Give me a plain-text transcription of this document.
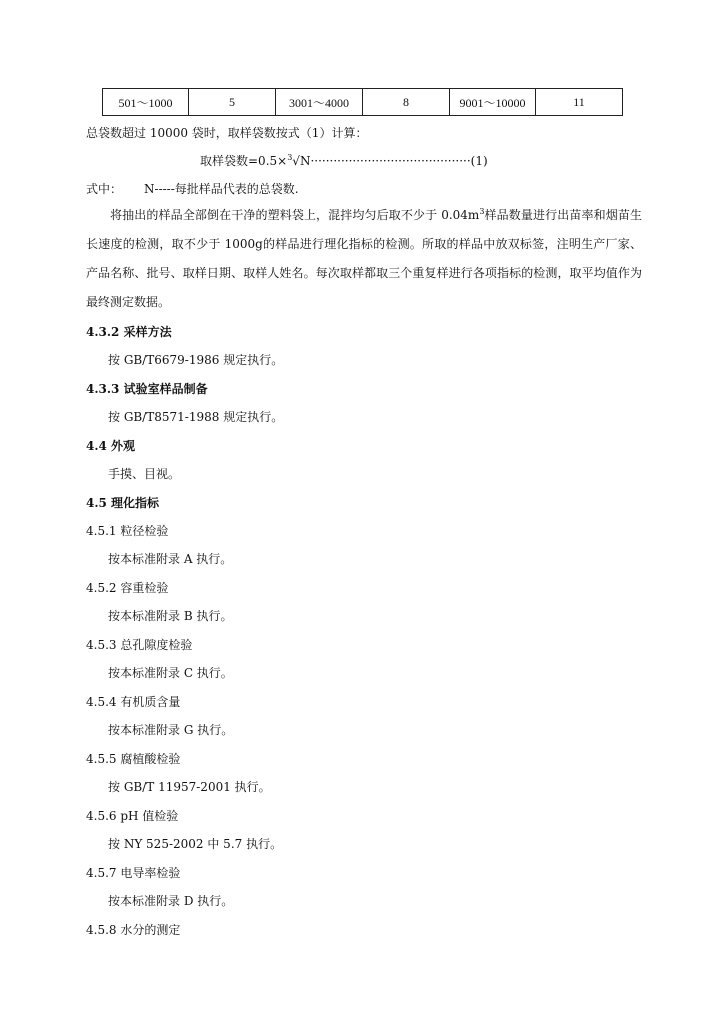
501～1000	5	3001～4000	8	9001～10000	11
总袋数超过 10000 袋时，取样袋数按式（1）计算：
取样袋数=0.5×$^3$√N··········································(1)
式中： N-----每批样品代表的总袋数.

将抽出的样品全部倒在干净的塑料袋上，混拌均匀后取不少于 $0.04m^3$样品数量进行出苗率和烟苗生长速度的检测，取不少于 1000g的样品进行理化指标的检测。所取的样品中放双标签，注明生产厂家、产品名称、批号、取样日期、取样人姓名。每次取样都取三个重复样进行各项指标的检测，取平均值作为最终测定数据。

4.3.2 采样方法
按 GB/T6679-1986 规定执行。
4.3.3 试验室样品制备
按 GB/T8571-1988 规定执行。
4.4 外观
手摸、目视。
4.5 理化指标
4.5.1 粒径检验
按本标准附录 A 执行。
4.5.2 容重检验
按本标准附录 B 执行。
4.5.3 总孔隙度检验
按本标准附录 C 执行。
4.5.4 有机质含量
按本标准附录 G 执行。
4.5.5 腐植酸检验
按 GB/T 11957-2001 执行。
4.5.6 pH 值检验
按 NY 525-2002 中 5.7 执行。
4.5.7 电导率检验
按本标准附录 D 执行。
4.5.8 水分的测定
